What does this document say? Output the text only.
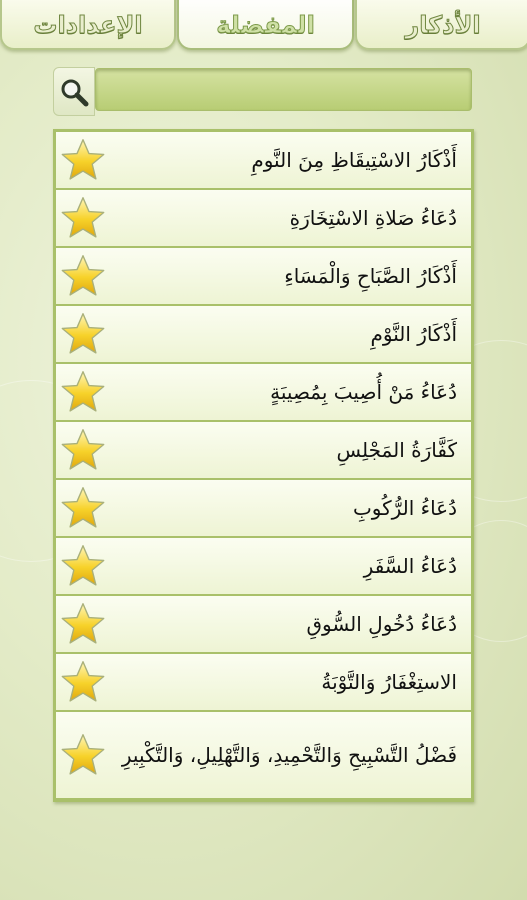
الإعدادات	المفضلة	الأذكار
أَذْكَارُ الاسْتِيقَاظِ مِنَ النَّومِ
دُعَاءُ صَلاةِ الاسْتِخَارَةِ
أَذْكَارُ الصَّبَاحِ وَالْمَسَاءِ
أَذْكَارُ النَّوْمِ
دُعَاءُ مَنْ أُصِيبَ بِمُصِيبَةٍ
كَفَّارَةُ المَجْلِسِ
دُعَاءُ الرُّكُوبِ
دُعَاءُ السَّفَرِ
دُعَاءُ دُخُولِ السُّوقِ
الاستِغْفَارُ وَالتَّوْبَةُ
فَضْلُ التَّسْبِيحِ وَالتَّحْمِيدِ، وَالتَّهْلِيلِ، وَالتَّكْبِيرِ
